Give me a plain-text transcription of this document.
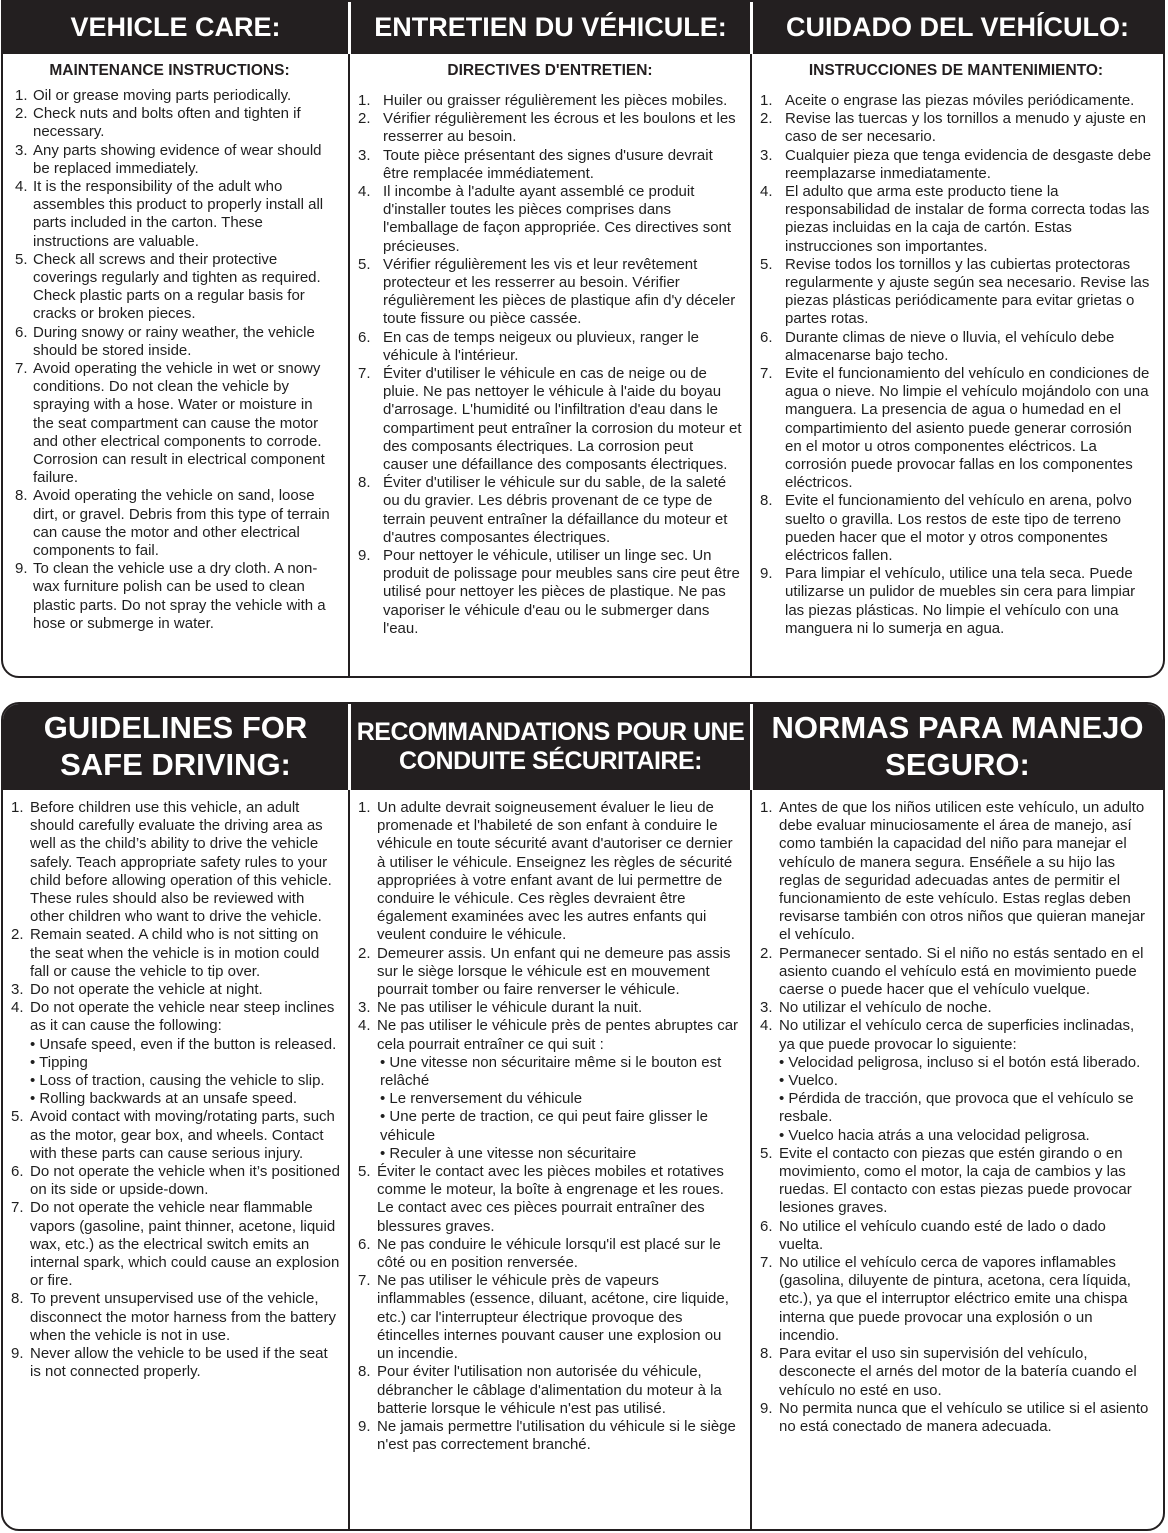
VEHICLE CARE:	ENTRETIEN DU VÉHICULE:	CUIDADO DEL VEHÍCULO:
MAINTENANCE INSTRUCTIONS:
1. Oil or grease moving parts periodically.
2. Check nuts and bolts often and tighten if necessary.
3. Any parts showing evidence of wear should be replaced immediately.
4. It is the responsibility of the adult who assembles this product to properly install all parts included in the carton. These instructions are valuable.
5. Check all screws and their protective coverings regularly and tighten as required. Check plastic parts on a regular basis for cracks or broken pieces.
6. During snowy or rainy weather, the vehicle should be stored inside.
7. Avoid operating the vehicle in wet or snowy conditions. Do not clean the vehicle by spraying with a hose. Water or moisture in the seat compartment can cause the motor and other electrical components to corrode. Corrosion can result in electrical component failure.
8. Avoid operating the vehicle on sand, loose dirt, or gravel. Debris from this type of terrain can cause the motor and other electrical components to fail.
9. To clean the vehicle use a dry cloth. A non-wax furniture polish can be used to clean plastic parts. Do not spray the vehicle with a hose or submerge in water.
DIRECTIVES D'ENTRETIEN:
1. Huiler ou graisser régulièrement les pièces mobiles.
2. Vérifier régulièrement les écrous et les boulons et les resserrer au besoin.
3. Toute pièce présentant des signes d'usure devrait être remplacée immédiatement.
4. Il incombe à l'adulte ayant assemblé ce produit d'installer toutes les pièces comprises dans l'emballage de façon appropriée. Ces directives sont précieuses.
5. Vérifier régulièrement les vis et leur revêtement protecteur et les resserrer au besoin. Vérifier régulièrement les pièces de plastique afin d'y déceler toute fissure ou pièce cassée.
6. En cas de temps neigeux ou pluvieux, ranger le véhicule à l'intérieur.
7. Éviter d'utiliser le véhicule en cas de neige ou de pluie. Ne pas nettoyer le véhicule à l'aide du boyau d'arrosage. L'humidité ou l'infiltration d'eau dans le compartiment peut entraîner la corrosion du moteur et des composants électriques. La corrosion peut causer une défaillance des composants électriques.
8. Éviter d'utiliser le véhicule sur du sable, de la saleté ou du gravier. Les débris provenant de ce type de terrain peuvent entraîner la défaillance du moteur et d'autres composantes électriques.
9. Pour nettoyer le véhicule, utiliser un linge sec. Un produit de polissage pour meubles sans cire peut être utilisé pour nettoyer les pièces de plastique. Ne pas vaporiser le véhicule d'eau ou le submerger dans l'eau.
INSTRUCCIONES DE MANTENIMIENTO:
1. Aceite o engrase las piezas móviles periódicamente.
2. Revise las tuercas y los tornillos a menudo y ajuste en caso de ser necesario.
3. Cualquier pieza que tenga evidencia de desgaste debe reemplazarse inmediatamente.
4. El adulto que arma este producto tiene la responsabilidad de instalar de forma correcta todas las piezas incluidas en la caja de cartón. Estas instrucciones son importantes.
5. Revise todos los tornillos y las cubiertas protectoras regularmente y ajuste según sea necesario. Revise las piezas plásticas periódicamente para evitar grietas o partes rotas.
6. Durante climas de nieve o lluvia, el vehículo debe almacenarse bajo techo.
7. Evite el funcionamiento del vehículo en condiciones de agua o nieve. No limpie el vehículo mojándolo con una manguera. La presencia de agua o humedad en el compartimiento del asiento puede generar corrosión en el motor u otros componentes eléctricos. La corrosión puede provocar fallas en los componentes eléctricos.
8. Evite el funcionamiento del vehículo en arena, polvo suelto o gravilla. Los restos de este tipo de terreno pueden hacer que el motor y otros componentes eléctricos fallen.
9. Para limpiar el vehículo, utilice una tela seca. Puede utilizarse un pulidor de muebles sin cera para limpiar las piezas plásticas. No limpie el vehículo con una manguera ni lo sumerja en agua.
GUIDELINES FOR SAFE DRIVING:
RECOMMANDATIONS POUR UNE CONDUITE SÉCURITAIRE:
NORMAS PARA MANEJO SEGURO:
1. Before children use this vehicle, an adult should carefully evaluate the driving area as well as the child’s ability to drive the vehicle safely. Teach appropriate safety rules to your child before allowing operation of this vehicle. These rules should also be reviewed with other children who want to drive the vehicle.
2. Remain seated. A child who is not sitting on the seat when the vehicle is in motion could fall or cause the vehicle to tip over.
3. Do not operate the vehicle at night.
4. Do not operate the vehicle near steep inclines as it can cause the following:
• Unsafe speed, even if the button is released.
• Tipping
• Loss of traction, causing the vehicle to slip.
• Rolling backwards at an unsafe speed.
5. Avoid contact with moving/rotating parts, such as the motor, gear box, and wheels. Contact with these parts can cause serious injury.
6. Do not operate the vehicle when it’s positioned on its side or upside-down.
7. Do not operate the vehicle near flammable vapors (gasoline, paint thinner, acetone, liquid wax, etc.) as the electrical switch emits an internal spark, which could cause an explosion or fire.
8. To prevent unsupervised use of the vehicle, disconnect the motor harness from the battery when the vehicle is not in use.
9. Never allow the vehicle to be used if the seat is not connected properly.
1. Un adulte devrait soigneusement évaluer le lieu de promenade et l'habileté de son enfant à conduire le véhicule en toute sécurité avant d'autoriser ce dernier à utiliser le véhicule. Enseignez les règles de sécurité appropriées à votre enfant avant de lui permettre de conduire le véhicule. Ces règles devraient être également examinées avec les autres enfants qui veulent conduire le véhicule.
2. Demeurer assis. Un enfant qui ne demeure pas assis sur le siège lorsque le véhicule est en mouvement pourrait tomber ou faire renverser le véhicule.
3. Ne pas utiliser le véhicule durant la nuit.
4. Ne pas utiliser le véhicule près de pentes abruptes car cela pourrait entraîner ce qui suit :
• Une vitesse non sécuritaire même si le bouton est relâché
• Le renversement du véhicule
• Une perte de traction, ce qui peut faire glisser le véhicule
• Reculer à une vitesse non sécuritaire
5. Éviter le contact avec les pièces mobiles et rotatives comme le moteur, la boîte à engrenage et les roues. Le contact avec ces pièces pourrait entraîner des blessures graves.
6. Ne pas conduire le véhicule lorsqu'il est placé sur le côté ou en position renversée.
7. Ne pas utiliser le véhicule près de vapeurs inflammables (essence, diluant, acétone, cire liquide, etc.) car l'interrupteur électrique provoque des étincelles internes pouvant causer une explosion ou un incendie.
8. Pour éviter l'utilisation non autorisée du véhicule, débrancher le câblage d'alimentation du moteur à la batterie lorsque le véhicule n'est pas utilisé.
9. Ne jamais permettre l'utilisation du véhicule si le siège n'est pas correctement branché.
1. Antes de que los niños utilicen este vehículo, un adulto debe evaluar minuciosamente el área de manejo, así como también la capacidad del niño para manejar el vehículo de manera segura. Enséñele a su hijo las reglas de seguridad adecuadas antes de permitir el funcionamiento de este vehículo. Estas reglas deben revisarse también con otros niños que quieran manejar el vehículo.
2. Permanecer sentado. Si el niño no estás sentado en el asiento cuando el vehículo está en movimiento puede caerse o puede hacer que el vehículo vuelque.
3. No utilizar el vehículo de noche.
4. No utilizar el vehículo cerca de superficies inclinadas, ya que puede provocar lo siguiente:
• Velocidad peligrosa, incluso si el botón está liberado.
• Vuelco.
• Pérdida de tracción, que provoca que el vehículo se resbale.
• Vuelco hacia atrás a una velocidad peligrosa.
5. Evite el contacto con piezas que estén girando o en movimiento, como el motor, la caja de cambios y las ruedas. El contacto con estas piezas puede provocar lesiones graves.
6. No utilice el vehículo cuando esté de lado o dado vuelta.
7. No utilice el vehículo cerca de vapores inflamables (gasolina, diluyente de pintura, acetona, cera líquida, etc.), ya que el interruptor eléctrico emite una chispa interna que puede provocar una explosión o un incendio.
8. Para evitar el uso sin supervisión del vehículo, desconecte el arnés del motor de la batería cuando el vehículo no esté en uso.
9. No permita nunca que el vehículo se utilice si el asiento no está conectado de manera adecuada.
